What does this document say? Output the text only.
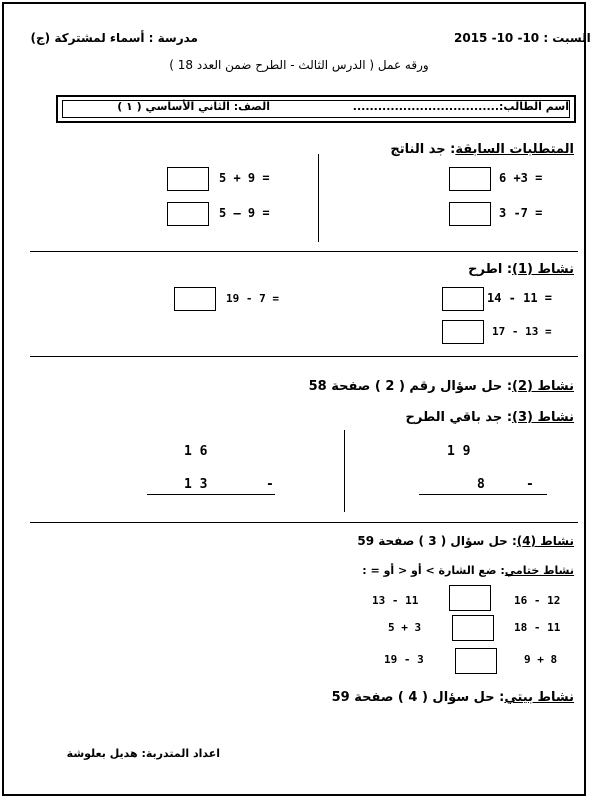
السبت : 10- 10- 2015
مدرسة : أسماء لمشتركة (ج)
ورقه عمل ( الدرس الثالث - الطرح ضمن العدد 18 )
اسم الطالب:...................................
الصف: الثاني الأساسي ( ١ )
المتطلبات السابقة: جد الناتج
6 +3 =
3 -7 =
5 + 9 =
5 – 9 =
نشاط (1): اطرح
14 - 11 =
17 - 13 =
19 - 7 =
نشاط (2): حل سؤال رقم ( 2 ) صفحة 58
نشاط (3): جد باقي الطرح
1 9
8	-
1 6
1 3	-
نشاط (4): حل سؤال ( 3 ) صفحة 59
نشاط ختامي: ضع الشارة > أو < أو = :
16 - 12
13 - 11
18 - 11
5 + 3
9 + 8
19 - 3
نشاط بيتي: حل سؤال ( 4 ) صفحة 59
اعداد المتدربة: هديل بعلوشة
